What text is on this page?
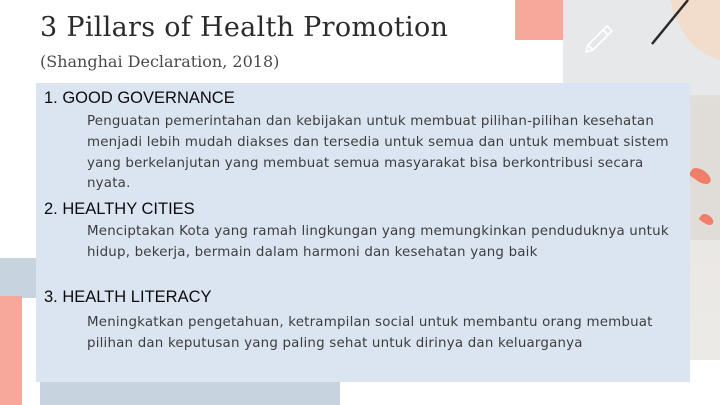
3 Pillars of Health Promotion
(Shanghai Declaration, 2018)
1. GOOD GOVERNANCE
Penguatan pemerintahan dan kebijakan untuk membuat pilihan-pilihan kesehatan menjadi lebih mudah diakses dan tersedia untuk semua dan untuk membuat sistem yang berkelanjutan yang membuat semua masyarakat bisa berkontribusi secara nyata.
2. HEALTHY CITIES
Menciptakan Kota yang ramah lingkungan yang memungkinkan penduduknya untuk hidup, bekerja, bermain dalam harmoni dan kesehatan yang baik
3. HEALTH LITERACY
Meningkatkan pengetahuan, ketrampilan social untuk membantu orang membuat pilihan dan keputusan yang paling sehat untuk dirinya dan keluarganya
